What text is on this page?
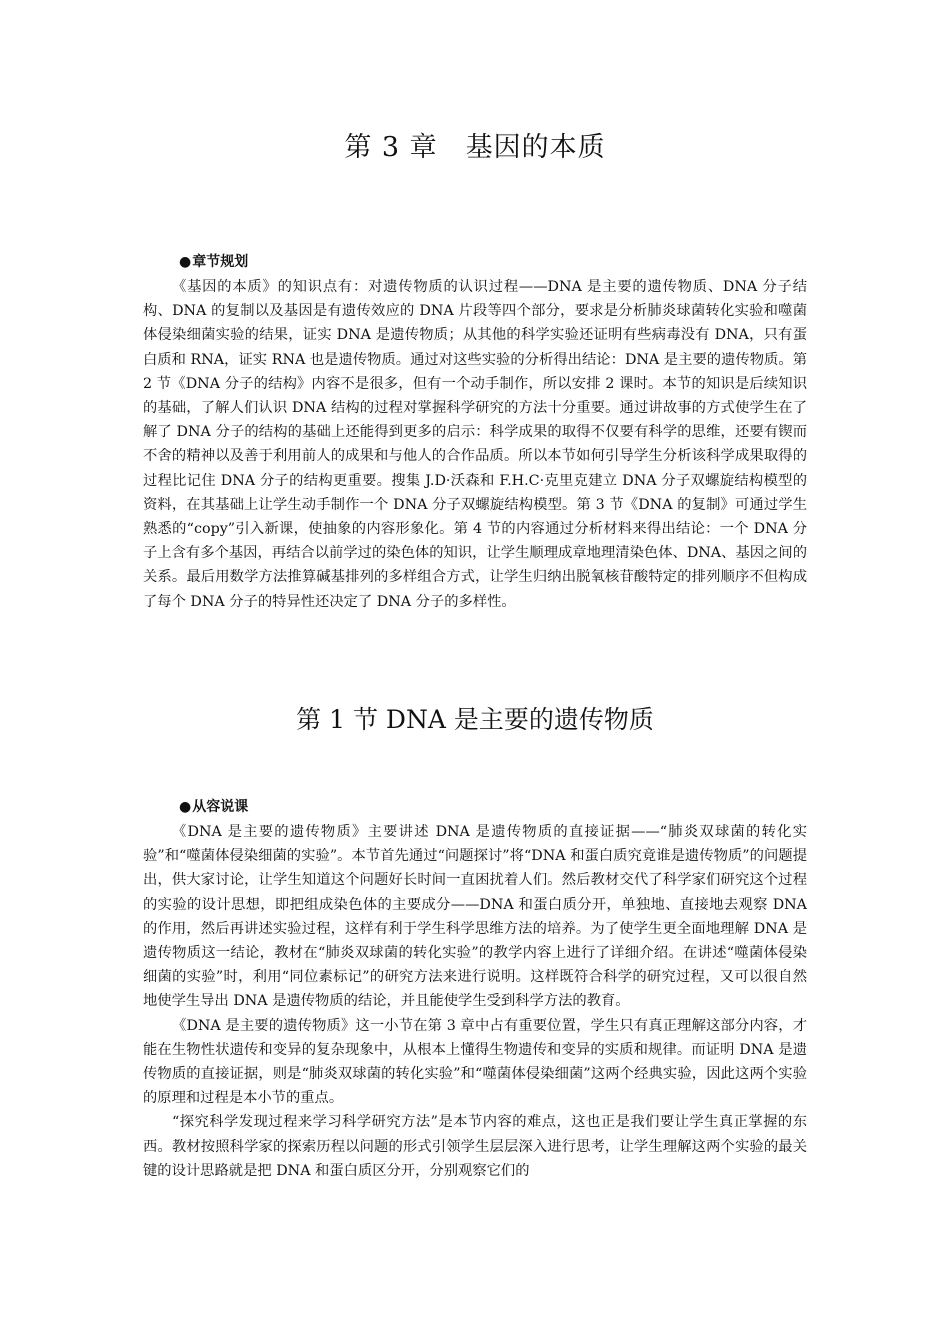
第 3 章　基因的本质

●章节规划

《基因的本质》的知识点有：对遗传物质的认识过程——DNA 是主要的遗传物质、DNA 分子结构、DNA 的复制以及基因是有遗传效应的 DNA 片段等四个部分，要求是分析肺炎球菌转化实验和噬菌体侵染细菌实验的结果，证实 DNA 是遗传物质；从其他的科学实验还证明有些病毒没有 DNA，只有蛋白质和 RNA，证实 RNA 也是遗传物质。通过对这些实验的分析得出结论：DNA 是主要的遗传物质。第 2 节《DNA 分子的结构》内容不是很多，但有一个动手制作，所以安排 2 课时。本节的知识是后续知识的基础，了解人们认识 DNA 结构的过程对掌握科学研究的方法十分重要。通过讲故事的方式使学生在了解了 DNA 分子的结构的基础上还能得到更多的启示：科学成果的取得不仅要有科学的思维，还要有锲而不舍的精神以及善于利用前人的成果和与他人的合作品质。所以本节如何引导学生分析该科学成果取得的过程比记住 DNA 分子的结构更重要。搜集 J.D·沃森和 F.H.C·克里克建立 DNA 分子双螺旋结构模型的资料，在其基础上让学生动手制作一个 DNA 分子双螺旋结构模型。第 3 节《DNA 的复制》可通过学生熟悉的“copy”引入新课，使抽象的内容形象化。第 4 节的内容通过分析材料来得出结论：一个 DNA 分子上含有多个基因，再结合以前学过的染色体的知识，让学生顺理成章地理清染色体、DNA、基因之间的关系。最后用数学方法推算碱基排列的多样组合方式，让学生归纳出脱氧核苷酸特定的排列顺序不但构成了每个 DNA 分子的特异性还决定了 DNA 分子的多样性。

第 1 节 DNA 是主要的遗传物质

●从容说课

《DNA 是主要的遗传物质》主要讲述 DNA 是遗传物质的直接证据——“肺炎双球菌的转化实验”和“噬菌体侵染细菌的实验”。本节首先通过“问题探讨”将“DNA 和蛋白质究竟谁是遗传物质”的问题提出，供大家讨论，让学生知道这个问题好长时间一直困扰着人们。然后教材交代了科学家们研究这个过程的实验的设计思想，即把组成染色体的主要成分——DNA 和蛋白质分开，单独地、直接地去观察 DNA 的作用，然后再讲述实验过程，这样有利于学生科学思维方法的培养。为了使学生更全面地理解 DNA 是遗传物质这一结论，教材在“肺炎双球菌的转化实验”的教学内容上进行了详细介绍。在讲述“噬菌体侵染细菌的实验”时，利用“同位素标记”的研究方法来进行说明。这样既符合科学的研究过程，又可以很自然地使学生导出 DNA 是遗传物质的结论，并且能使学生受到科学方法的教育。

《DNA 是主要的遗传物质》这一小节在第 3 章中占有重要位置，学生只有真正理解这部分内容，才能在生物性状遗传和变异的复杂现象中，从根本上懂得生物遗传和变异的实质和规律。而证明 DNA 是遗传物质的直接证据，则是“肺炎双球菌的转化实验”和“噬菌体侵染细菌”这两个经典实验，因此这两个实验的原理和过程是本小节的重点。

“探究科学发现过程来学习科学研究方法”是本节内容的难点，这也正是我们要让学生真正掌握的东西。教材按照科学家的探索历程以问题的形式引领学生层层深入进行思考，让学生理解这两个实验的最关键的设计思路就是把 DNA 和蛋白质区分开，分别观察它们的
